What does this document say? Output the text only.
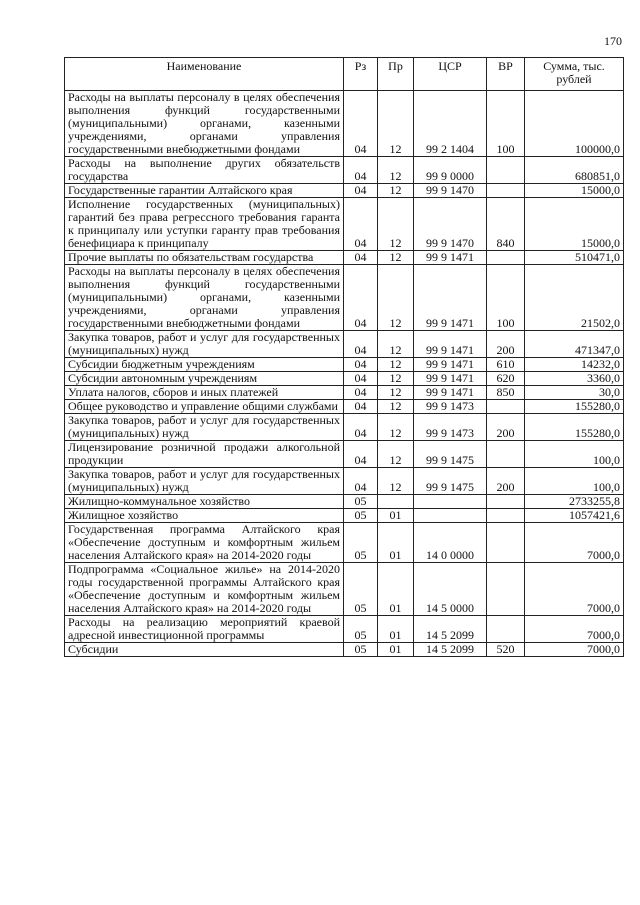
170
Наименование	Рз	Пр	ЦСР	ВР	Сумма, тыс. рублей
Расходы на выплаты персоналу в целях обеспечения выполнения функций государственными (муниципальными) органами, казенными учреждениями, органами управления государственными внебюджетными фондами	04	12	99 2 1404	100	100000,0
Расходы на выполнение других обязательств государства	04	12	99 9 0000		680851,0
Государственные гарантии Алтайского края	04	12	99 9 1470		15000,0
Исполнение государственных (муниципальных) гарантий без права регрессного требования гаранта к принципалу или уступки гаранту прав требования бенефициара к принципалу	04	12	99 9 1470	840	15000,0
Прочие выплаты по обязательствам государства	04	12	99 9 1471		510471,0
Расходы на выплаты персоналу в целях обеспечения выполнения функций государственными (муниципальными) органами, казенными учреждениями, органами управления государственными внебюджетными фондами	04	12	99 9 1471	100	21502,0
Закупка товаров, работ и услуг для государственных (муниципальных) нужд	04	12	99 9 1471	200	471347,0
Субсидии бюджетным учреждениям	04	12	99 9 1471	610	14232,0
Субсидии автономным учреждениям	04	12	99 9 1471	620	3360,0
Уплата налогов, сборов и иных платежей	04	12	99 9 1471	850	30,0
Общее руководство и управление общими службами	04	12	99 9 1473		155280,0
Закупка товаров, работ и услуг для государственных (муниципальных) нужд	04	12	99 9 1473	200	155280,0
Лицензирование розничной продажи алкогольной продукции	04	12	99 9 1475		100,0
Закупка товаров, работ и услуг для государственных (муниципальных) нужд	04	12	99 9 1475	200	100,0
Жилищно-коммунальное хозяйство	05				2733255,8
Жилищное хозяйство	05	01			1057421,6
Государственная программа Алтайского края «Обеспечение доступным и комфортным жильем населения Алтайского края» на 2014-2020 годы	05	01	14 0 0000		7000,0
Подпрограмма «Социальное жилье» на 2014-2020 годы государственной программы Алтайского края «Обеспечение доступным и комфортным жильем населения Алтайского края» на 2014-2020 годы	05	01	14 5 0000		7000,0
Расходы на реализацию мероприятий краевой адресной инвестиционной программы	05	01	14 5 2099		7000,0
Субсидии	05	01	14 5 2099	520	7000,0
